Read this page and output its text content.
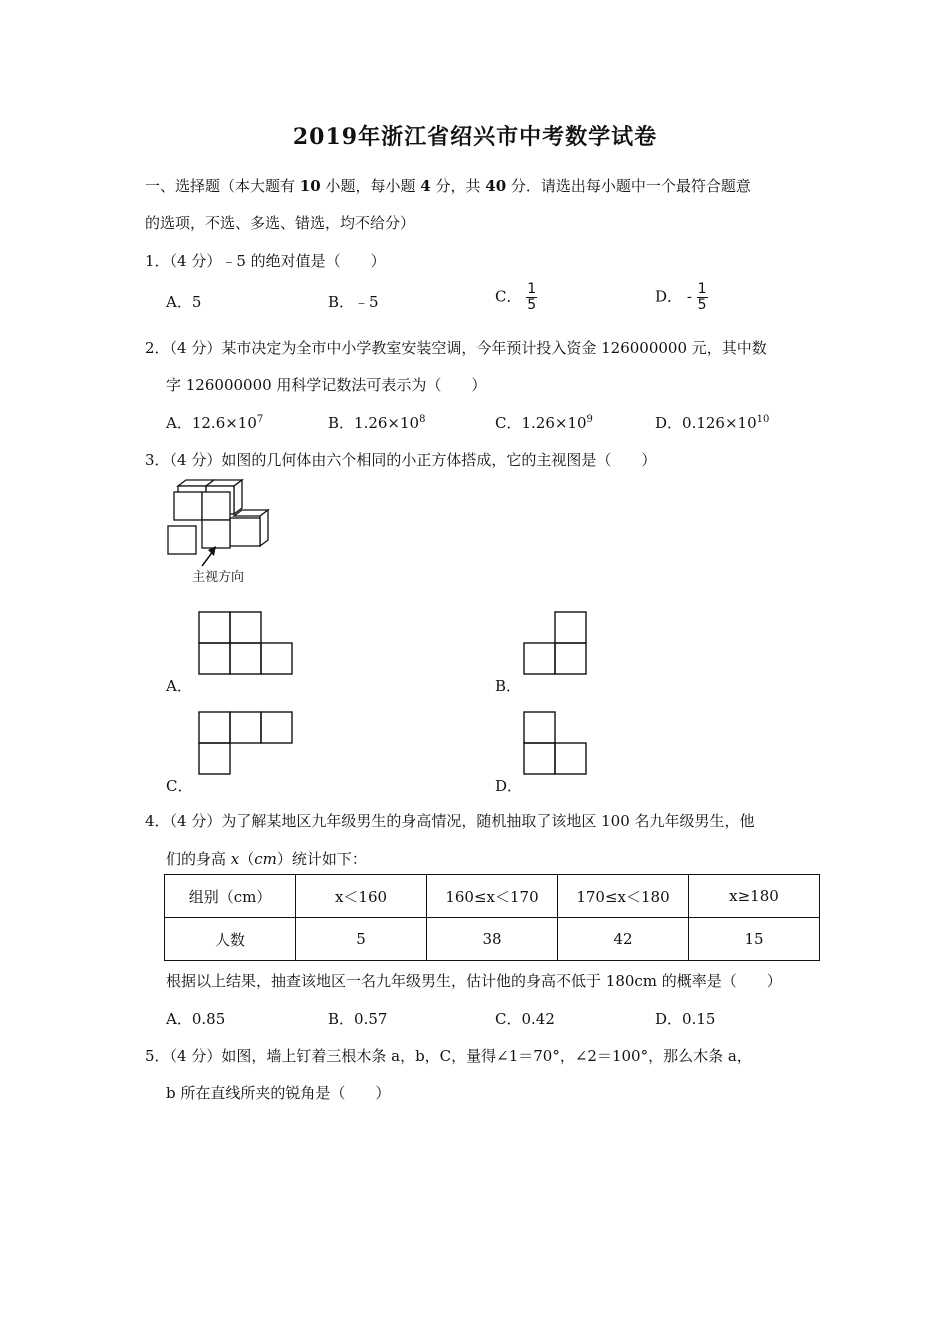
2019年浙江省绍兴市中考数学试卷
一、选择题（本大题有 10 小题，每小题 4 分，共 40 分．请选出每小题中一个最符合题意
的选项，不选、多选、错选，均不给分）
1．（4 分）﹣5 的绝对值是（　　）
A．5	B．﹣5	C． $\frac{1}{5}$	D． - $\frac{1}{5}$
2．（4 分）某市决定为全市中小学教室安装空调，今年预计投入资金 126000000 元，其中数
字 126000000 用科学记数法可表示为（　　）
A．$12.6\times 10^7$	B．$1.26\times 10^8$	C．$1.26\times 10^9$	D．$0.126\times 10^{10}$
3．（4 分）如图的几何体由六个相同的小正方体搭成，它的主视图是（　　）
主视方向
A．	B．
C．	D．
4．（4 分）为了解某地区九年级男生的身高情况，随机抽取了该地区 100 名九年级男生，他
们的身高 x（cm）统计如下：
组别（cm）	x＜160	160≤x＜170	170≤x＜180	x≥180
人数	5	38	42	15
根据以上结果，抽查该地区一名九年级男生，估计他的身高不低于 180cm 的概率是（　　）
A．0.85	B．0.57	C．0.42	D．0.15
5．（4 分）如图，墙上钉着三根木条 a，b，C，量得∠1＝70°，∠2＝100°，那么木条 a，
b 所在直线所夹的锐角是（　　）
